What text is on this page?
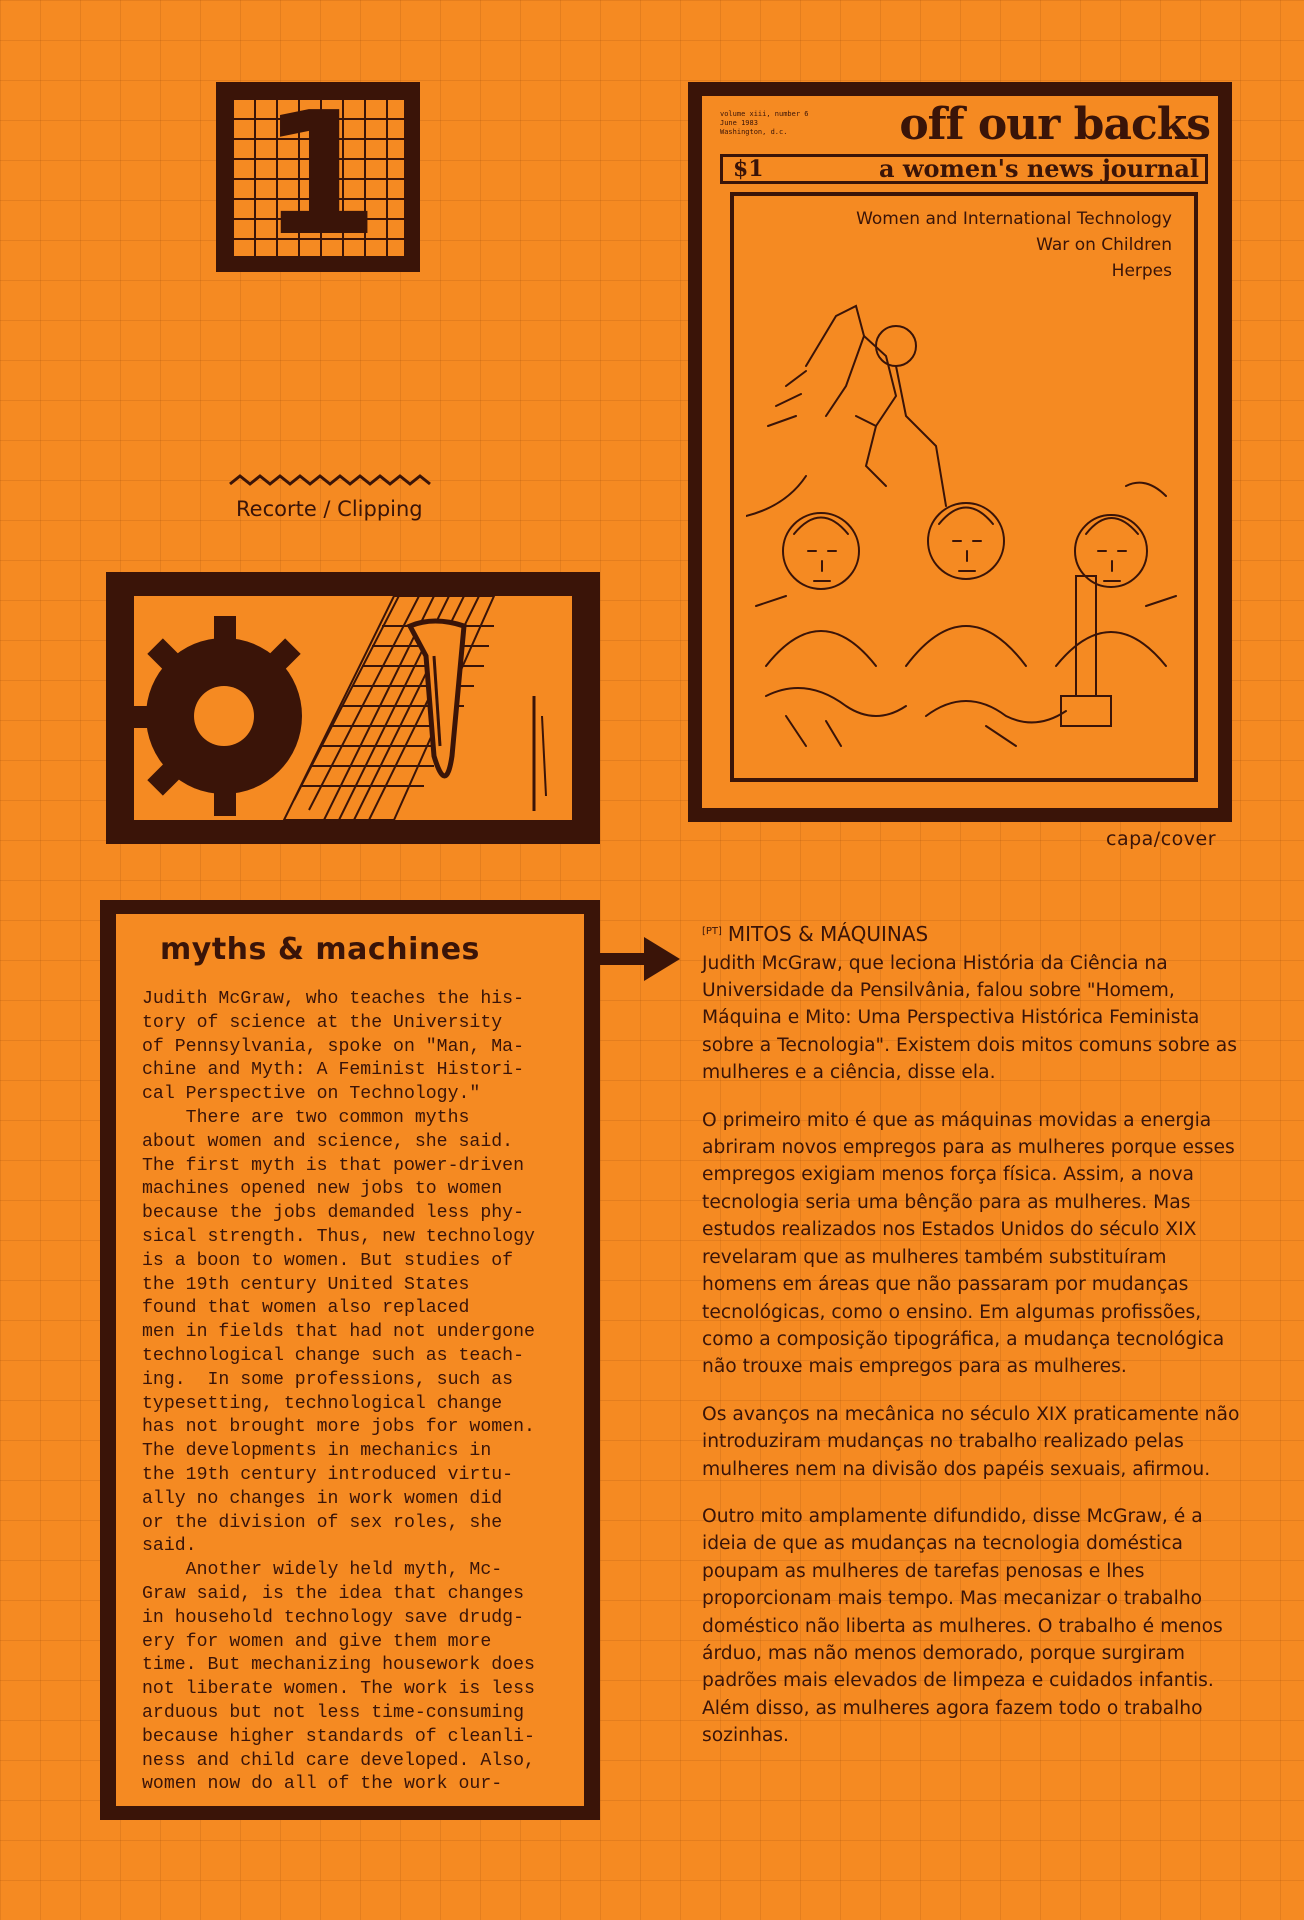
1
Recorte / Clipping
volume xiii, number 6
June 1983
Washington, d.c.	off our backs
$1	a women's news journal
Women and International Technology
War on Children
Herpes
capa/cover
myths & machines
Judith McGraw, who teaches the his-
tory of science at the University
of Pennsylvania, spoke on "Man, Ma-
chine and Myth: A Feminist Histori-
cal Perspective on Technology."
There are two common myths
about women and science, she said.
The first myth is that power-driven
machines opened new jobs to women
because the jobs demanded less phy-
sical strength. Thus, new technology
is a boon to women. But studies of
the 19th century United States
found that women also replaced
men in fields that had not undergone
technological change such as teach-
ing.  In some professions, such as
typesetting, technological change
has not brought more jobs for women.
The developments in mechanics in
the 19th century introduced virtu-
ally no changes in work women did
or the division of sex roles, she
said.
Another widely held myth, Mc-
Graw said, is the idea that changes
in household technology save drudg-
ery for women and give them more
time. But mechanizing housework does
not liberate women. The work is less
arduous but not less time-consuming
because higher standards of cleanli-
ness and child care developed. Also,
women now do all of the work our-
[PT] MITOS & MÁQUINAS

Judith McGraw, que leciona História da Ciência na Universidade da Pensilvânia, falou sobre "Homem, Máquina e Mito: Uma Perspectiva Histórica Feminista sobre a Tecnologia". Existem dois mitos comuns sobre as mulheres e a ciência, disse ela.

O primeiro mito é que as máquinas movidas a energia abriram novos empregos para as mulheres porque esses empregos exigiam menos força física. Assim, a nova tecnologia seria uma bênção para as mulheres. Mas estudos realizados nos Estados Unidos do século XIX revelaram que as mulheres também substituíram homens em áreas que não passaram por mudanças tecnológicas, como o ensino. Em algumas profissões, como a composição tipográfica, a mudança tecnológica não trouxe mais empregos para as mulheres.

Os avanços na mecânica no século XIX praticamente não introduziram mudanças no trabalho realizado pelas mulheres nem na divisão dos papéis sexuais, afirmou.

Outro mito amplamente difundido, disse McGraw, é a ideia de que as mudanças na tecnologia doméstica poupam as mulheres de tarefas penosas e lhes proporcionam mais tempo. Mas mecanizar o trabalho doméstico não liberta as mulheres. O trabalho é menos árduo, mas não menos demorado, porque surgiram padrões mais elevados de limpeza e cuidados infantis. Além disso, as mulheres agora fazem todo o trabalho sozinhas.
